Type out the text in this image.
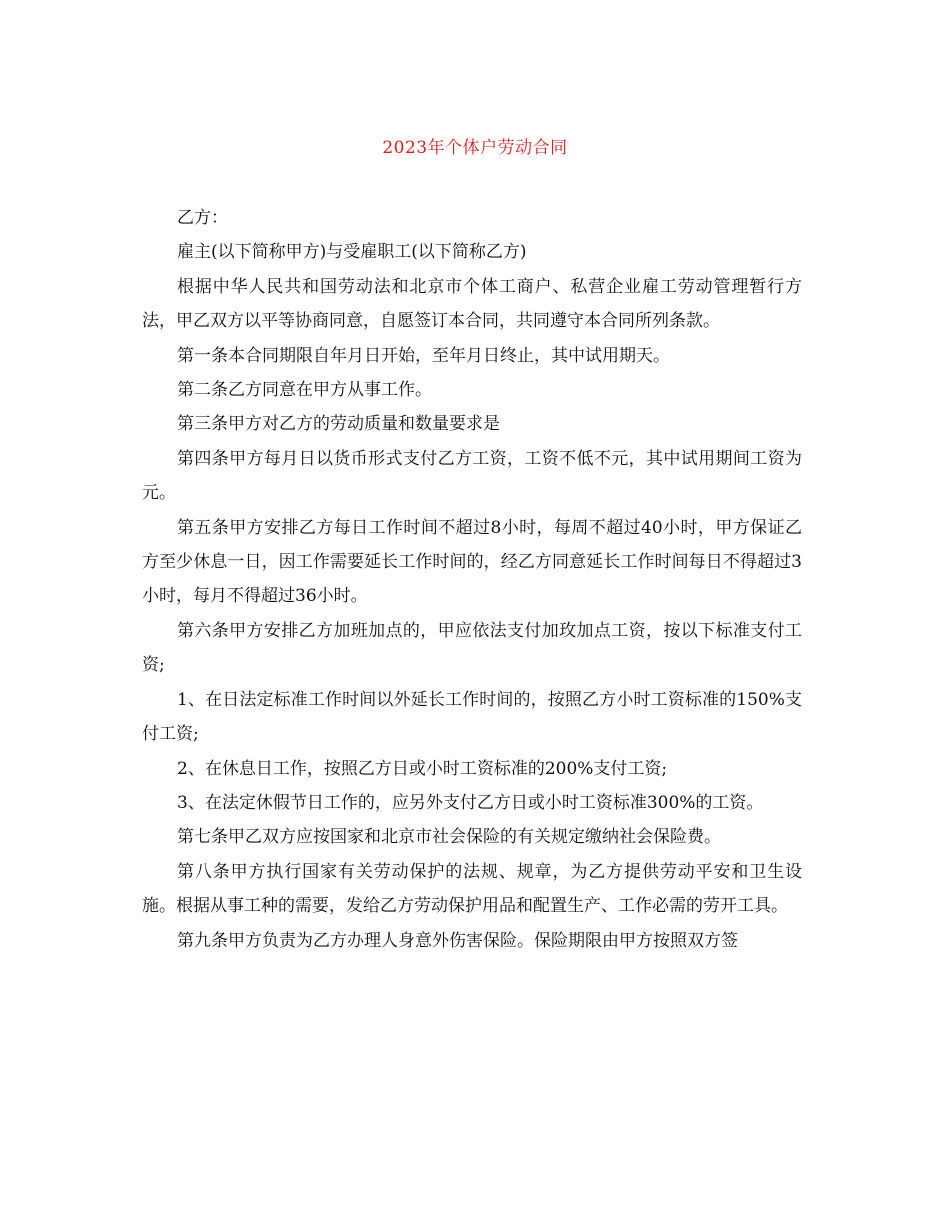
2023年个体户劳动合同

乙方：

雇主(以下简称甲方)与受雇职工(以下简称乙方)

根据中华人民共和国劳动法和北京市个体工商户、私营企业雇工劳动管理暂行方法，甲乙双方以平等协商同意，自愿签订本合同，共同遵守本合同所列条款。

第一条本合同期限自年月日开始，至年月日终止，其中试用期天。

第二条乙方同意在甲方从事工作。

第三条甲方对乙方的劳动质量和数量要求是

第四条甲方每月日以货币形式支付乙方工资，工资不低不元，其中试用期间工资为元。

第五条甲方安排乙方每日工作时间不超过8小时，每周不超过40小时，甲方保证乙方至少休息一日，因工作需要延长工作时间的，经乙方同意延长工作时间每日不得超过3小时，每月不得超过36小时。

第六条甲方安排乙方加班加点的，甲应依法支付加玫加点工资，按以下标准支付工资;

1、在日法定标准工作时间以外延长工作时间的，按照乙方小时工资标准的150%支付工资;

2、在休息日工作，按照乙方日或小时工资标准的200%支付工资;

3、在法定休假节日工作的，应另外支付乙方日或小时工资标准300%的工资。

第七条甲乙双方应按国家和北京市社会保险的有关规定缴纳社会保险费。

第八条甲方执行国家有关劳动保护的法规、规章，为乙方提供劳动平安和卫生设施。根据从事工种的需要，发给乙方劳动保护用品和配置生产、工作必需的劳开工具。

第九条甲方负责为乙方办理人身意外伤害保险。保险期限由甲方按照双方签
